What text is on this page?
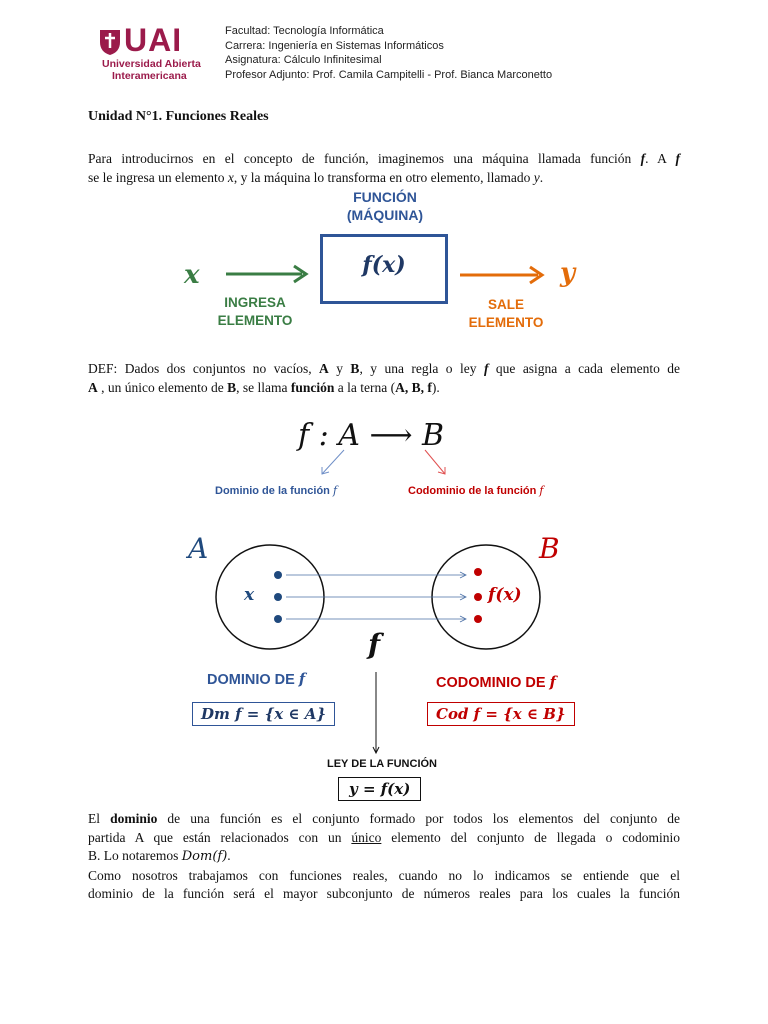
UAI
Universidad Abierta
Interamericana
Facultad: Tecnología Informática
Carrera: Ingeniería en Sistemas Informáticos
Asignatura: Cálculo Infinitesimal
Profesor Adjunto: Prof. Camila Campitelli - Prof. Bianca Marconetto
Unidad N°1. Funciones Reales
Para introducirnos en el concepto de función, imaginemos una máquina llamada función f. A f
se le ingresa un elemento x, y la máquina lo transforma en otro elemento, llamado y.
FUNCIÓN
(MÁQUINA)
f(x)
x
INGRESA
ELEMENTO
y
SALE
ELEMENTO
DEF: Dados dos conjuntos no vacíos, A y B, y una regla o ley f que asigna a cada elemento de
A , un único elemento de B, se llama función a la terna (A, B, f).
f : A ⟶ B
Dominio de la función f	Codominio de la función f
A	B
x	f(x)
f
DOMINIO DE f	CODOMINIO DE f
Dm f = {x ∈ A}	Cod f = {x ∈ B}
LEY DE LA FUNCIÓN
y = f(x)
El dominio de una función es el conjunto formado por todos los elementos del conjunto de
partida A que están relacionados con un único elemento del conjunto de llegada o codominio
B. Lo notaremos Dom(f).
Como nosotros trabajamos con funciones reales, cuando no lo indicamos se entiende que el
dominio de la función será el mayor subconjunto de números reales para los cuales la función
